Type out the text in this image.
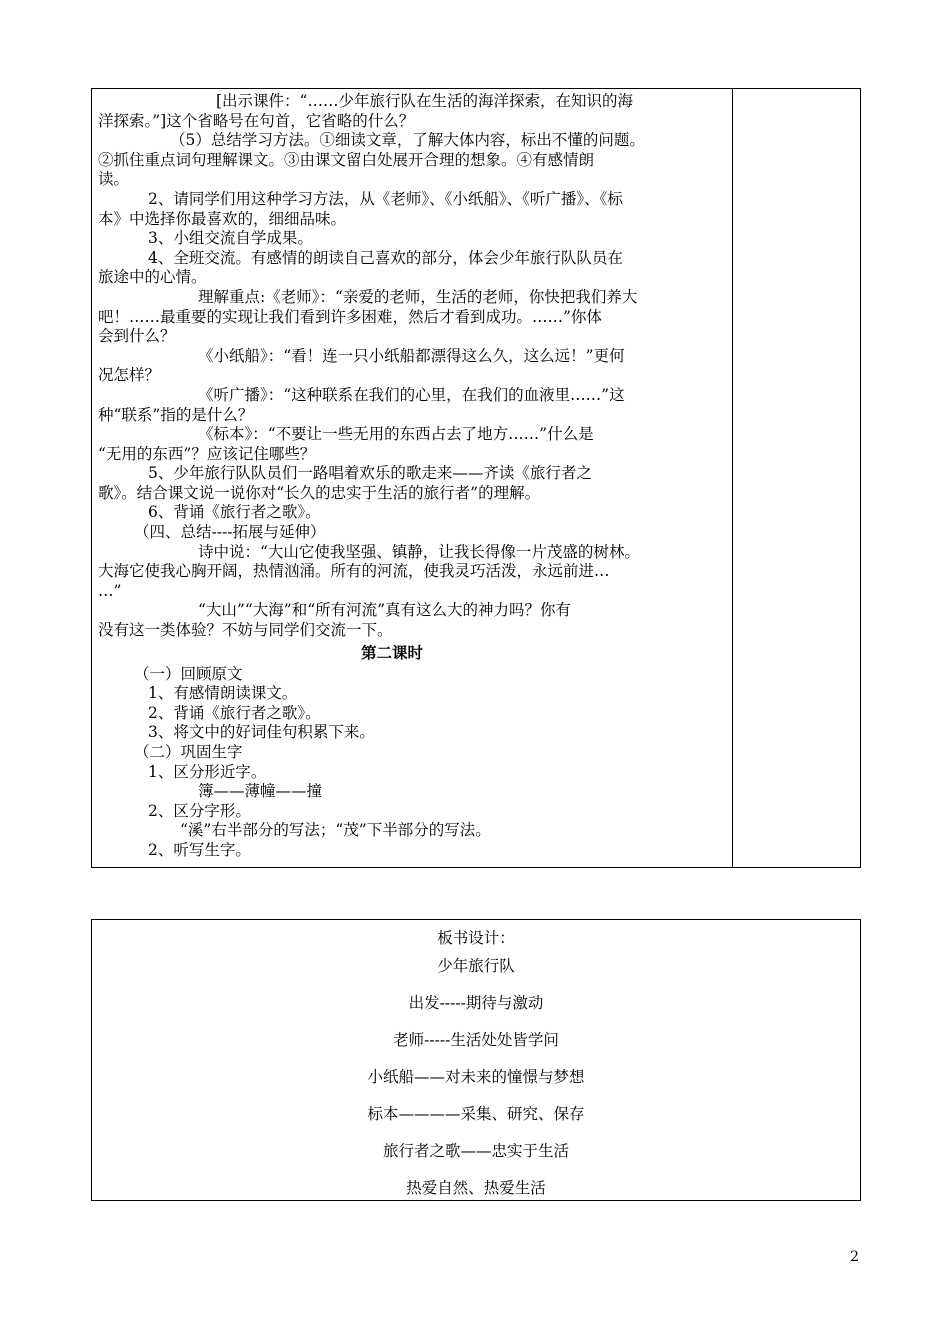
[出示课件：“……少年旅行队在生活的海洋探索，在知识的海
洋探索。”]这个省略号在句首，它省略的什么？
（5）总结学习方法。①细读文章，了解大体内容，标出不懂的问题。
②抓住重点词句理解课文。③由课文留白处展开合理的想象。④有感情朗
读。
2、请同学们用这种学习方法，从《老师》、《小纸船》、《听广播》、《标
本》中选择你最喜欢的，细细品味。
3、小组交流自学成果。
4、全班交流。有感情的朗读自己喜欢的部分，体会少年旅行队队员在
旅途中的心情。
理解重点:《老师》：“亲爱的老师，生活的老师，你快把我们养大
吧！……最重要的实现让我们看到许多困难，然后才看到成功。……”你体
会到什么？
《小纸船》：“看！连一只小纸船都漂得这么久，这么远！”更何
况怎样？
《听广播》：“这种联系在我们的心里，在我们的血液里……”这
种“联系”指的是什么？
《标本》：“不要让一些无用的东西占去了地方……”什么是
“无用的东西”？应该记住哪些？
5、少年旅行队队员们一路唱着欢乐的歌走来——齐读《旅行者之
歌》。结合课文说一说你对“长久的忠实于生活的旅行者”的理解。
6、背诵《旅行者之歌》。
（四、总结----拓展与延伸）
诗中说：“大山它使我坚强、镇静，让我长得像一片茂盛的树林。
大海它使我心胸开阔，热情汹涌。所有的河流，使我灵巧活泼，永远前进…
…”
“大山”“大海”和“所有河流”真有这么大的神力吗？你有
没有这一类体验？不妨与同学们交流一下。
第二课时
（一）回顾原文
1、有感情朗读课文。
2、背诵《旅行者之歌》。
3、将文中的好词佳句积累下来。
（二）巩固生字
1、区分形近字。
簿——薄幢——撞
2、区分字形。
“溪”右半部分的写法；“茂”下半部分的写法。
2、听写生字。
板书设计：
少年旅行队
出发-----期待与激动
老师-----生活处处皆学问
小纸船——对未来的憧憬与梦想
标本————采集、研究、保存
旅行者之歌——忠实于生活
热爱自然、热爱生活
2
